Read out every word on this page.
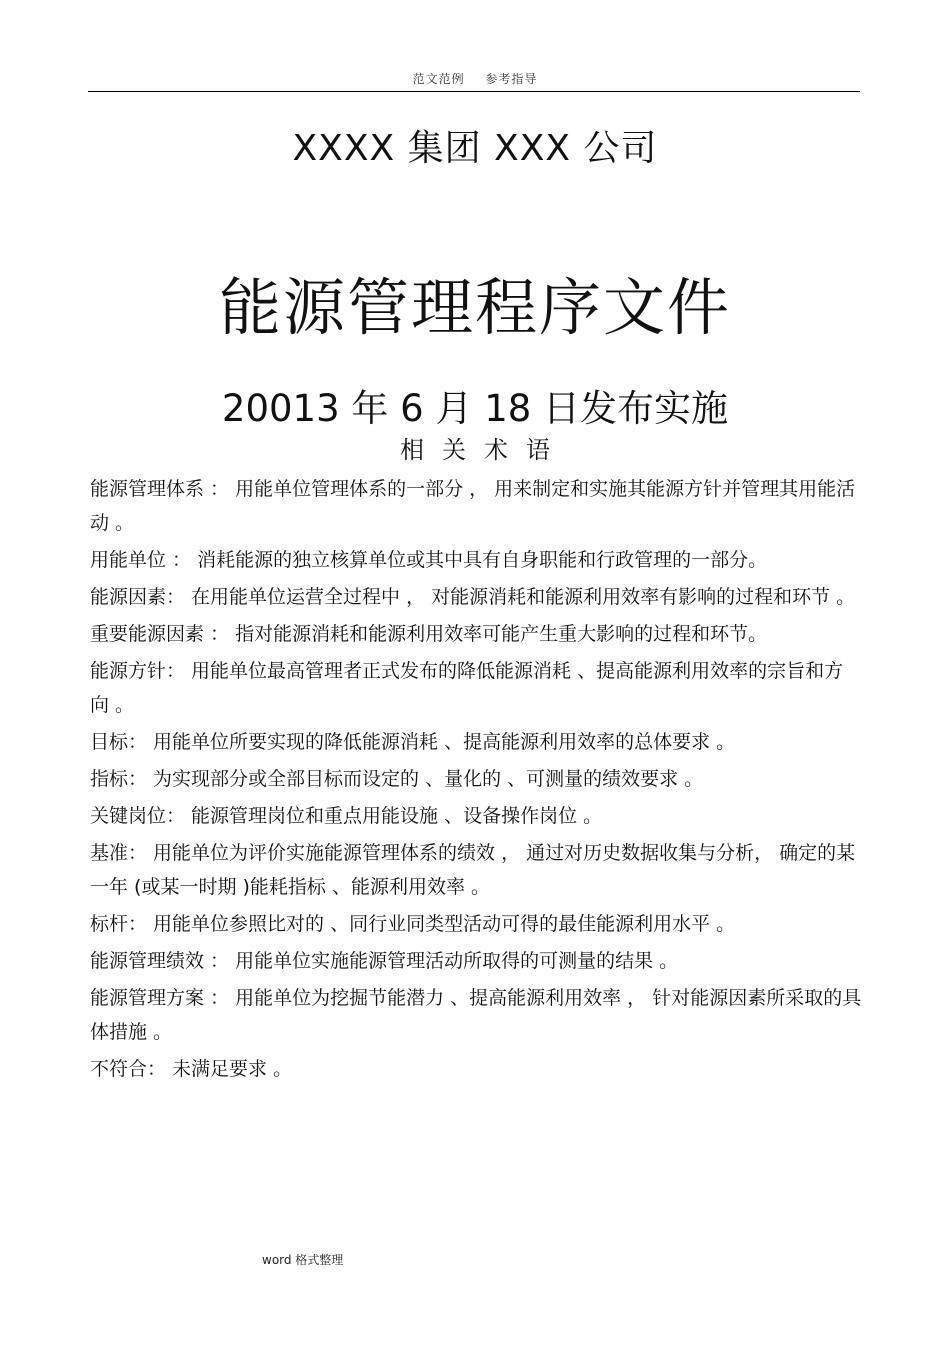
范文范例 参考指导
XXXX 集团 XXX 公司
能源管理程序文件
20013 年 6 月 18 日发布实施
相关术语

能源管理体系 ： 用能单位管理体系的一部分 ， 用来制定和实施其能源方针并管理其用能活动 。

用能单位 ： 消耗能源的独立核算单位或其中具有自身职能和行政管理的一部分。

能源因素： 在用能单位运营全过程中 ， 对能源消耗和能源利用效率有影响的过程和环节 。

重要能源因素 ： 指对能源消耗和能源利用效率可能产生重大影响的过程和环节。

能源方针： 用能单位最高管理者正式发布的降低能源消耗 、提高能源利用效率的宗旨和方向 。

目标： 用能单位所要实现的降低能源消耗 、提高能源利用效率的总体要求 。

指标： 为实现部分或全部目标而设定的 、量化的 、可测量的绩效要求 。

关键岗位： 能源管理岗位和重点用能设施 、设备操作岗位 。

基准： 用能单位为评价实施能源管理体系的绩效 ， 通过对历史数据收集与分析， 确定的某一年 (或某一时期 )能耗指标 、能源利用效率 。

标杆： 用能单位参照比对的 、同行业同类型活动可得的最佳能源利用水平 。

能源管理绩效 ： 用能单位实施能源管理活动所取得的可测量的结果 。

能源管理方案 ： 用能单位为挖掘节能潜力 、提高能源利用效率 ， 针对能源因素所采取的具体措施 。

不符合： 未满足要求 。

word 格式整理
